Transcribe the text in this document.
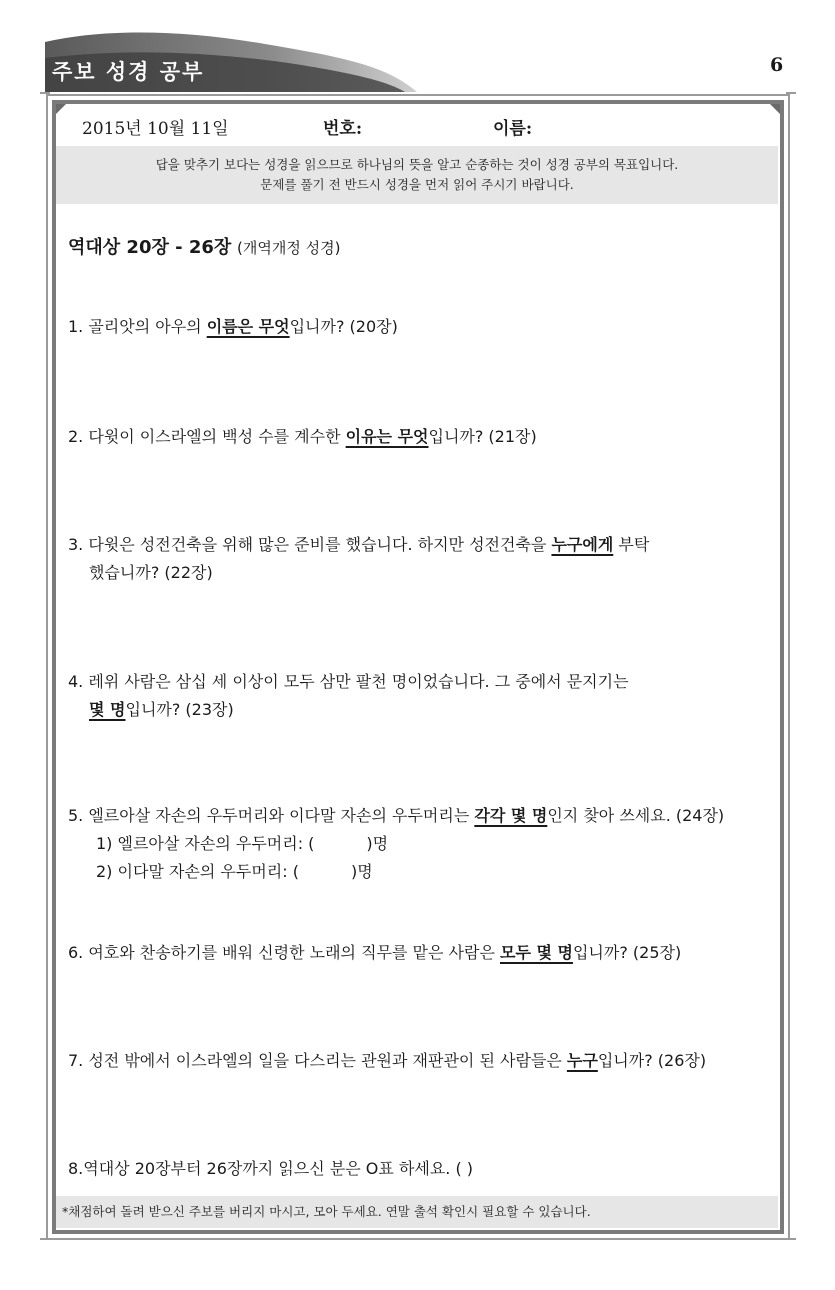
주보 성경 공부	6
2015년 10월 11일	번호:	이름:
답을 맞추기 보다는 성경을 읽으므로 하나님의 뜻을 알고 순종하는 것이 성경 공부의 목표입니다.
문제를 풀기 전 반드시 성경을 먼저 읽어 주시기 바랍니다.
역대상 20장 - 26장 (개역개정 성경)
1. 골리앗의 아우의 이름은 무엇입니까? (20장)
2. 다윗이 이스라엘의 백성 수를 계수한 이유는 무엇입니까? (21장)
3. 다윗은 성전건축을 위해 많은 준비를 했습니다. 하지만 성전건축을 누구에게 부탁
했습니까? (22장)
4. 레위 사람은 삼십 세 이상이 모두 삼만 팔천 명이었습니다. 그 중에서 문지기는
몇 명입니까? (23장)
5. 엘르아살 자손의 우두머리와 이다말 자손의 우두머리는 각각 몇 명인지 찾아 쓰세요. (24장)
1) 엘르아살 자손의 우두머리: (	)명
2) 이다말 자손의 우두머리: (	)명
6. 여호와 찬송하기를 배워 신령한 노래의 직무를 맡은 사람은 모두 몇 명입니까? (25장)
7. 성전 밖에서 이스라엘의 일을 다스리는 관원과 재판관이 된 사람들은 누구입니까? (26장)
8.역대상 20장부터 26장까지 읽으신 분은 O표 하세요. ( )
*채점하여 돌려 받으신 주보를 버리지 마시고, 모아 두세요. 연말 출석 확인시 필요할 수 있습니다.
